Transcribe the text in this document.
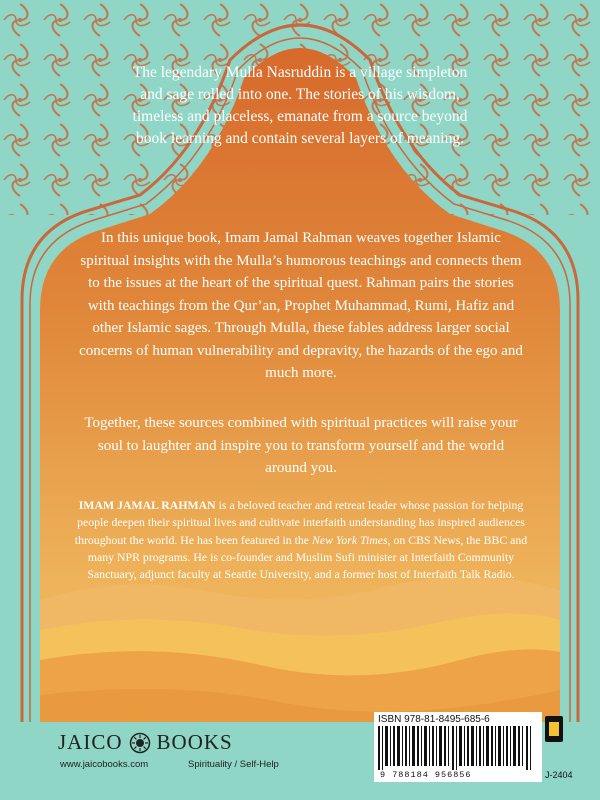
The legendary Mulla Nasruddin is a village simpleton and sage rolled into one. The stories of his wisdom, timeless and placeless, emanate from a source beyond book learning and contain several layers of meaning.
In this unique book, Imam Jamal Rahman weaves together Islamic spiritual insights with the Mulla’s humorous teachings and connects them to the issues at the heart of the spiritual quest. Rahman pairs the stories with teachings from the Qur’an, Prophet Muhammad, Rumi, Hafiz and other Islamic sages. Through Mulla, these fables address larger social concerns of human vulnerability and depravity, the hazards of the ego and much more.
Together, these sources combined with spiritual practices will raise your soul to laughter and inspire you to transform yourself and the world around you.
IMAM JAMAL RAHMAN is a beloved teacher and retreat leader whose passion for helping people deepen their spiritual lives and cultivate interfaith understanding has inspired audiences throughout the world. He has been featured in the New York Times, on CBS News, the BBC and many NPR programs. He is co-founder and Muslim Sufi minister at Interfaith Community Sanctuary, adjunct faculty at Seattle University, and a former host of Interfaith Talk Radio.
JAICO BOOKS
www.jaicobooks.com	Spirituality / Self-Help
ISBN 978-81-8495-685-6
9 788184 956856	J-2404
